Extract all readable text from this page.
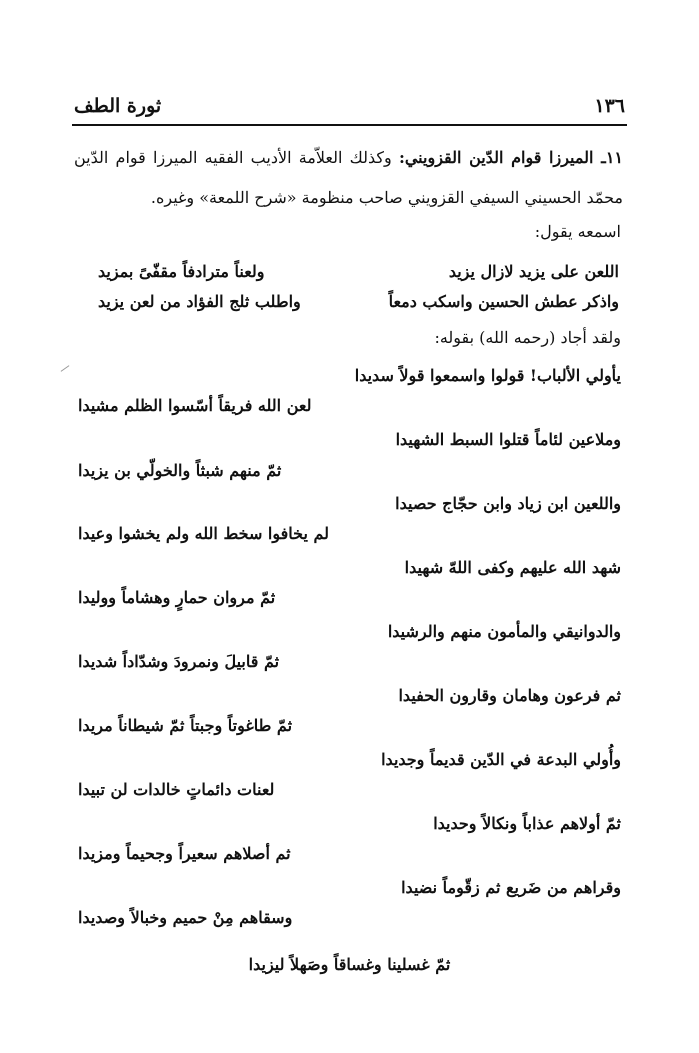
١٣٦
ثورة الطف
١١ـ الميرزا قوام الدّين القزويني: وكذلك العلاّمة الأديب الفقيه الميرزا قوام الدّين محمّد الحسيني السيفي القزويني صاحب منظومة «شرح اللمعة» وغيره.
اسمعه يقول:
اللعن على يزيد لازال يزيد
ولعناً مترادفاً مقفّىً بمزيد
واذكر عطش الحسين واسكب دمعاً
واطلب ثلج الفؤاد من لعن يزيد
ولقد أجاد (رحمه الله) بقوله:
يأولي الألباب! قولوا واسمعوا قولاً سديدا
لعن الله فريقاً أسّسوا الظلم مشيدا
وملاعين لئاماً قتلوا السبط الشهيدا
ثمّ منهم شبثاً والخولّي بن يزيدا
واللعين ابن زياد وابن حجّاج حصيدا
لم يخافوا سخط الله ولم يخشوا وعيدا
شهد الله عليهم وكفى اللهّ شهيدا
ثمّ مروان حمارٍ وهشاماً ووليدا
والدوانيقي والمأمون منهم والرشيدا
ثمّ قابيلَ ونمرودَ وشدّاداً شديدا
ثم فرعون وهامان وقارون الحفيدا
ثمّ طاغوتاً وجبتاً ثمّ شيطاناً مريدا
وأُولي البدعة في الدّين قديماً وجديدا
لعنات دائماتٍ خالدات لن تبيدا
ثمّ أولاهم عذاباً ونكالاً وحديدا
ثم أصلاهم سعيراً وجحيماً ومزيدا
وقراهم من ضَريع ثم زقّوماً نضيدا
وسقاهم مِنْ حميم وخبالاً وصديدا
ثمّ غسلينا وغساقاً وصَهلاً ليزيدا
